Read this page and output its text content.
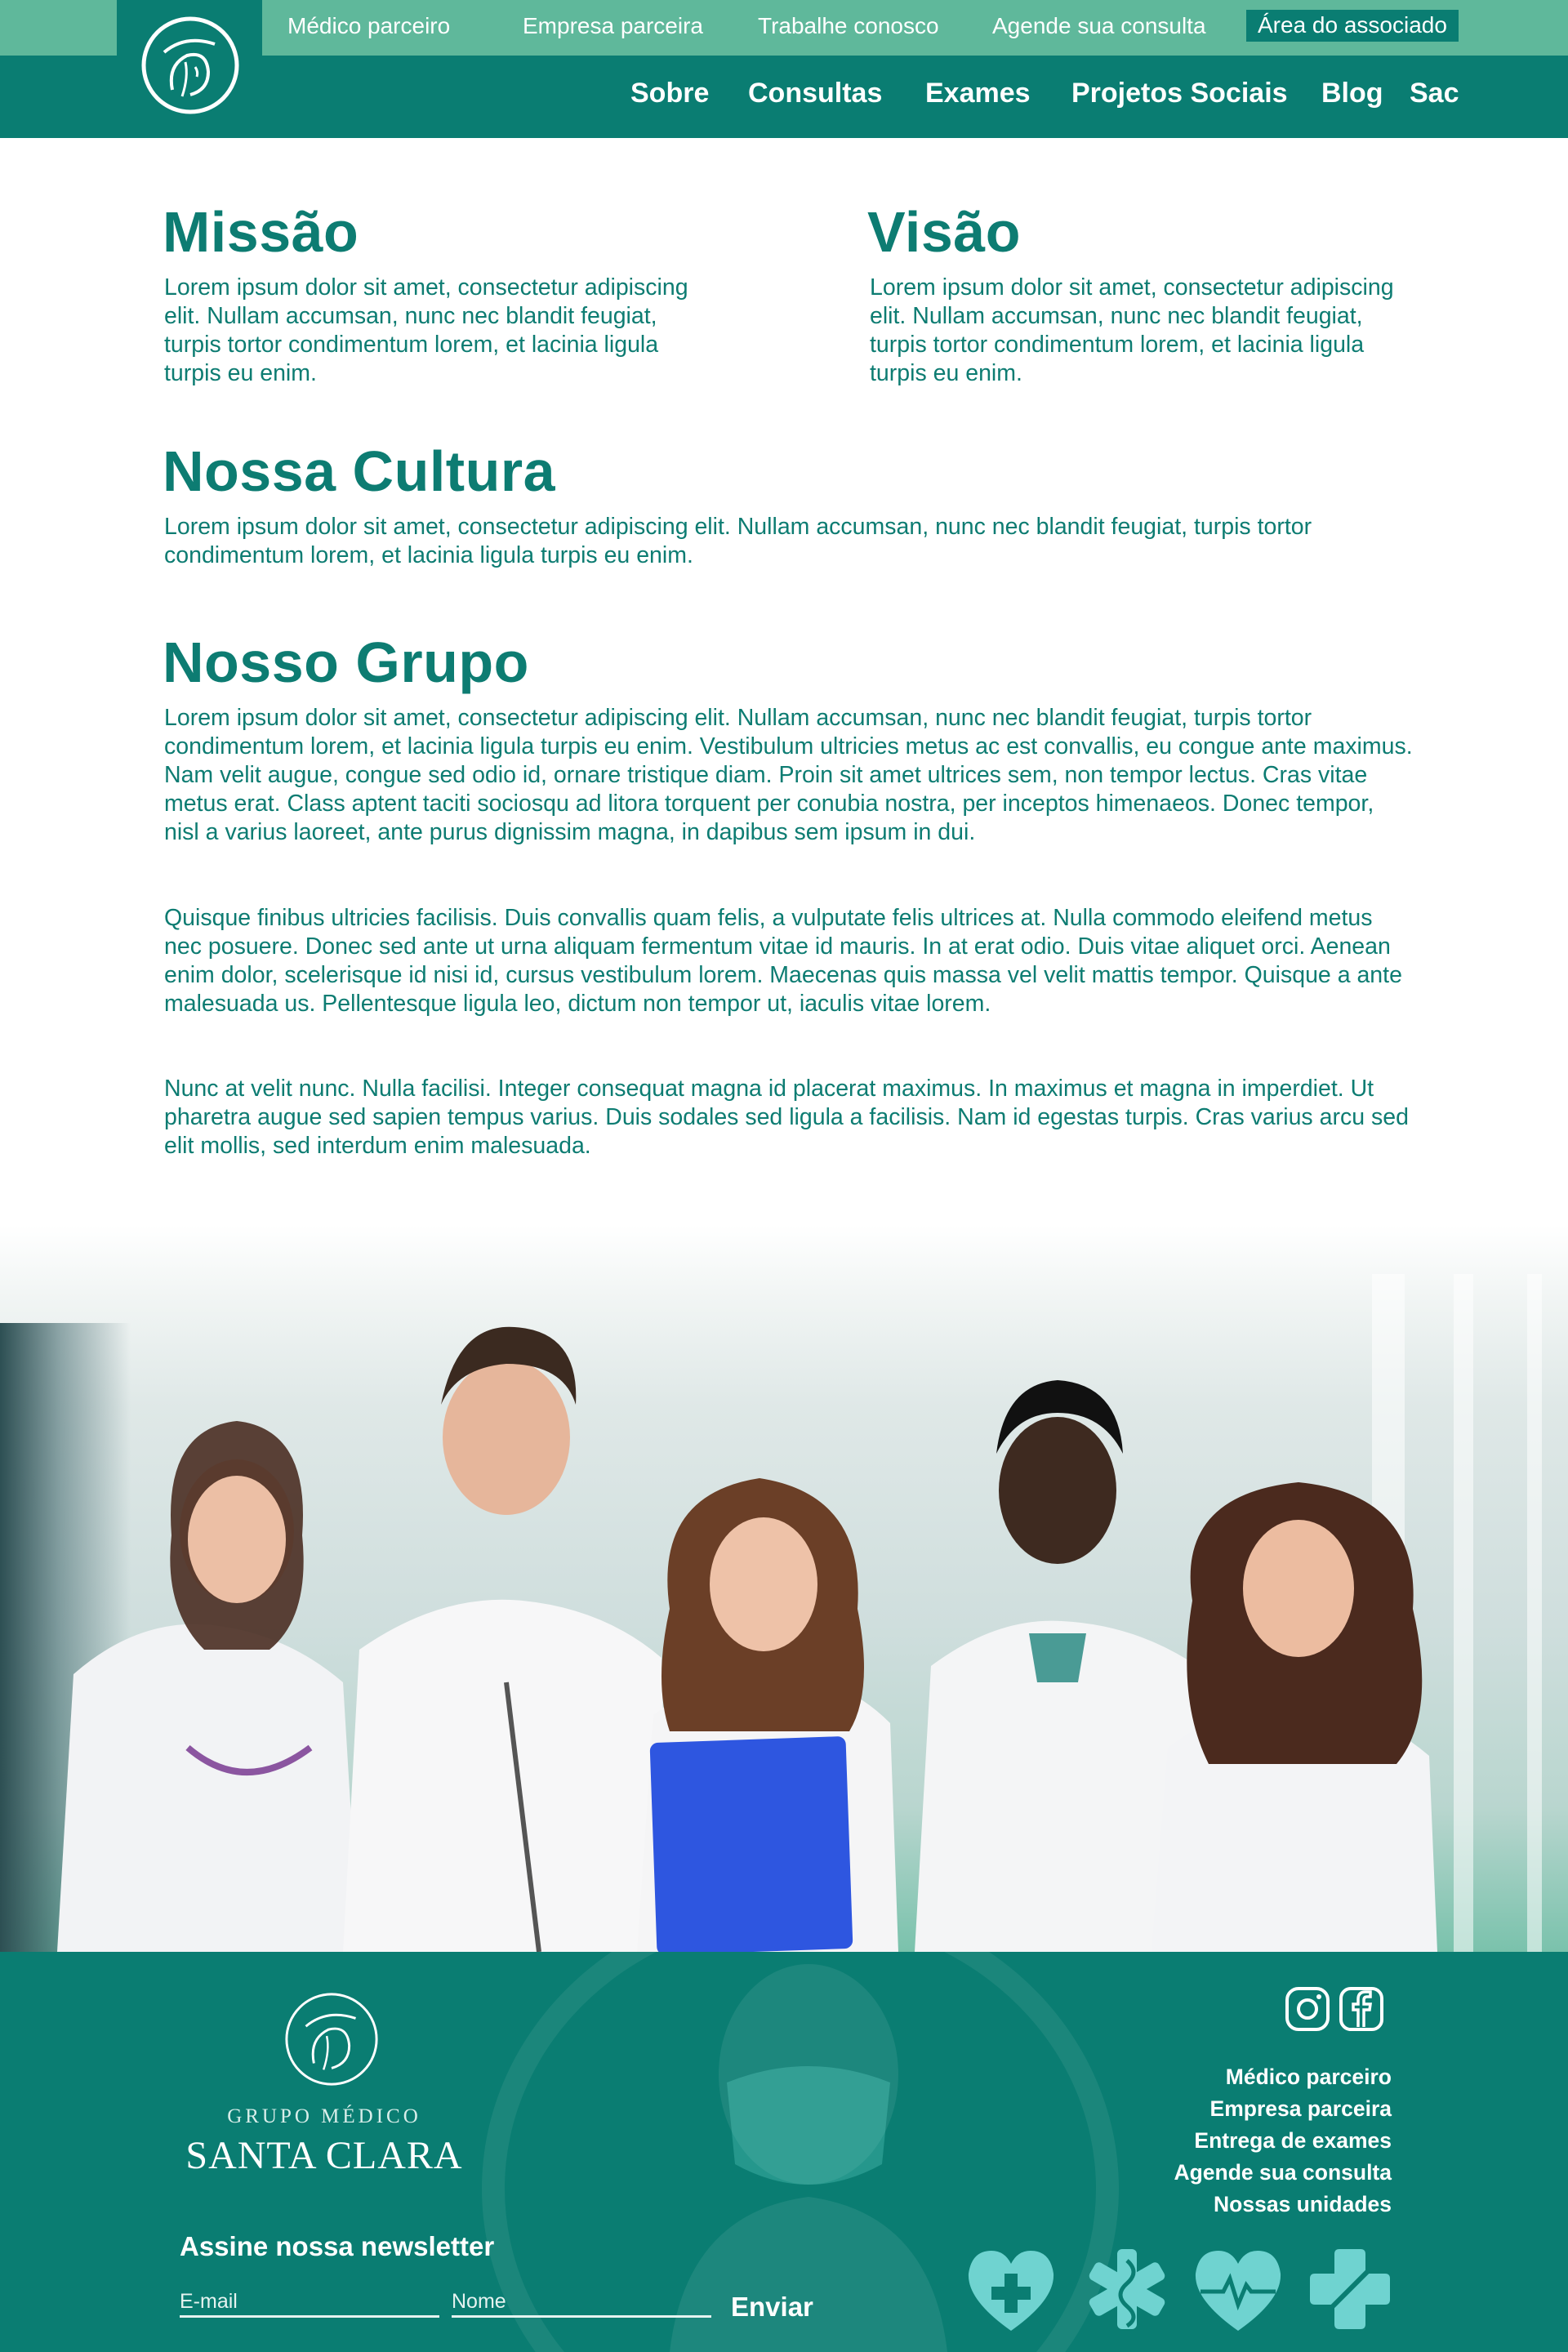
Médico parceiro	Empresa parceira Trabalhe conosco Agende sua consulta	Área do associado
Sobre Consultas Exames Projetos Sociais Blog Sac
Missão

Lorem ipsum dolor sit amet, consectetur adipiscing elit. Nullam accumsan, nunc nec blandit feugiat, turpis tortor condimentum lorem, et lacinia ligula turpis eu enim.

Visão

Lorem ipsum dolor sit amet, consectetur adipiscing elit. Nullam accumsan, nunc nec blandit feugiat, turpis tortor condimentum lorem, et lacinia ligula turpis eu enim.

Nossa Cultura

Lorem ipsum dolor sit amet, consectetur adipiscing elit. Nullam accumsan, nunc nec blandit feugiat, turpis tortor condimentum lorem, et lacinia ligula turpis eu enim.

Nosso Grupo

Lorem ipsum dolor sit amet, consectetur adipiscing elit. Nullam accumsan, nunc nec blandit feugiat, turpis tortor condimentum lorem, et lacinia ligula turpis eu enim. Vestibulum ultricies metus ac est convallis, eu congue ante maximus. Nam velit augue, congue sed odio id, ornare tristique diam. Proin sit amet ultrices sem, non tempor lectus. Cras vitae metus erat. Class aptent taciti sociosqu ad litora torquent per conubia nostra, per inceptos himenaeos. Donec tempor, nisl a varius laoreet, ante purus dignissim magna, in dapibus sem ipsum in dui.

Quisque finibus ultricies facilisis. Duis convallis quam felis, a vulputate felis ultrices at. Nulla commodo eleifend metus nec posuere. Donec sed ante ut urna aliquam fermentum vitae id mauris. In at erat odio. Duis vitae aliquet orci. Aenean enim dolor, scelerisque id nisi id, cursus vestibulum lorem. Maecenas quis massa vel velit mattis tempor. Quisque a ante malesuada us. Pellentesque ligula leo, dictum non tempor ut, iaculis vitae lorem.

Nunc at velit nunc. Nulla facilisi. Integer consequat magna id placerat maximus. In maximus et magna in imperdiet. Ut pharetra augue sed sapien tempus varius. Duis sodales sed ligula a facilisis. Nam id egestas turpis. Cras varius arcu sed elit mollis, sed interdum enim malesuada.

GRUPO MÉDICO
SANTA CLARA
Médico parceiro
Empresa parceira
Entrega de exames
Agende sua consulta
Nossas unidades
Assine nossa newsletter
E-mail	Nome	Enviar
